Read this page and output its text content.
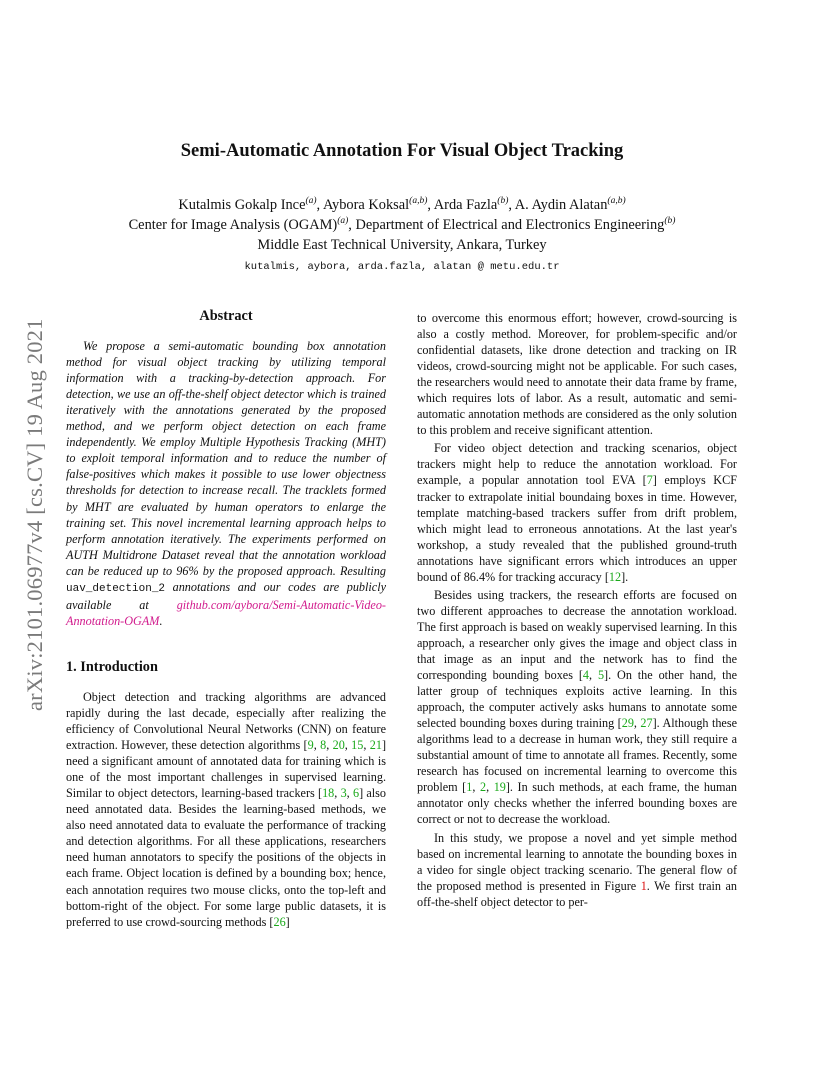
arXiv:2101.06977v4 [cs.CV] 19 Aug 2021
Semi-Automatic Annotation For Visual Object Tracking
Kutalmis Gokalp Ince$^{(a)}$, Aybora Koksal$^{(a,b)}$, Arda Fazla$^{(b)}$, A. Aydin Alatan$^{(a,b)}$
Center for Image Analysis (OGAM)$^{(a)}$, Department of Electrical and Electronics Engineering$^{(b)}$
Middle East Technical University, Ankara, Turkey
kutalmis, aybora, arda.fazla, alatan @ metu.edu.tr
Abstract

We propose a semi-automatic bounding box annotation method for visual object tracking by utilizing temporal information with a tracking-by-detection approach. For detection, we use an off-the-shelf object detector which is trained iteratively with the annotations generated by the proposed method, and we perform object detection on each frame independently. We employ Multiple Hypothesis Tracking (MHT) to exploit temporal information and to reduce the number of false-positives which makes it possible to use lower objectness thresholds for detection to increase recall. The tracklets formed by MHT are evaluated by human operators to enlarge the training set. This novel incremental learning approach helps to perform annotation iteratively. The experiments performed on AUTH Multidrone Dataset reveal that the annotation workload can be reduced up to 96% by the proposed approach. Resulting uav_detection_2 annotations and our codes are publicly available at github.com/aybora/Semi-Automatic-Video-Annotation-OGAM.

1. Introduction

Object detection and tracking algorithms are advanced rapidly during the last decade, especially after realizing the efficiency of Convolutional Neural Networks (CNN) on feature extraction. However, these detection algorithms [9, 8, 20, 15, 21] need a significant amount of annotated data for training which is one of the most important challenges in supervised learning. Similar to object detectors, learning-based trackers [18, 3, 6] also need annotated data. Besides the learning-based methods, we also need annotated data to evaluate the performance of tracking and detection algorithms. For all these applications, researchers need human annotators to specify the positions of the objects in each frame. Object location is defined by a bounding box; hence, each annotation requires two mouse clicks, onto the top-left and bottom-right of the object. For some large public datasets, it is preferred to use crowd-sourcing methods [26]

to overcome this enormous effort; however, crowd-sourcing is also a costly method. Moreover, for problem-specific and/or confidential datasets, like drone detection and tracking on IR videos, crowd-sourcing might not be applicable. For such cases, the researchers would need to annotate their data frame by frame, which requires lots of labor. As a result, automatic and semi-automatic annotation methods are considered as the only solution to this problem and receive significant attention.

For video object detection and tracking scenarios, object trackers might help to reduce the annotation workload. For example, a popular annotation tool EVA [7] employs KCF tracker to extrapolate initial boundaing boxes in time. However, template matching-based trackers suffer from drift problem, which might lead to erroneous annotations. At the last year's workshop, a study revealed that the published ground-truth annotations have significant errors which introduces an upper bound of 86.4% for tracking accuracy [12].

Besides using trackers, the research efforts are focused on two different approaches to decrease the annotation workload. The first approach is based on weakly supervised learning. In this approach, a researcher only gives the image and object class in that image as an input and the network has to find the corresponding bounding boxes [4, 5]. On the other hand, the latter group of techniques exploits active learning. In this approach, the computer actively asks humans to annotate some selected bounding boxes during training [29, 27]. Although these algorithms lead to a decrease in human work, they still require a substantial amount of time to annotate all frames. Recently, some research has focused on incremental learning to overcome this problem [1, 2, 19]. In such methods, at each frame, the human annotator only checks whether the inferred bounding boxes are correct or not to decrease the workload.

In this study, we propose a novel and yet simple method based on incremental learning to annotate the bounding boxes in a video for single object tracking scenario. The general flow of the proposed method is presented in Figure 1. We first train an off-the-shelf object detector to per-
